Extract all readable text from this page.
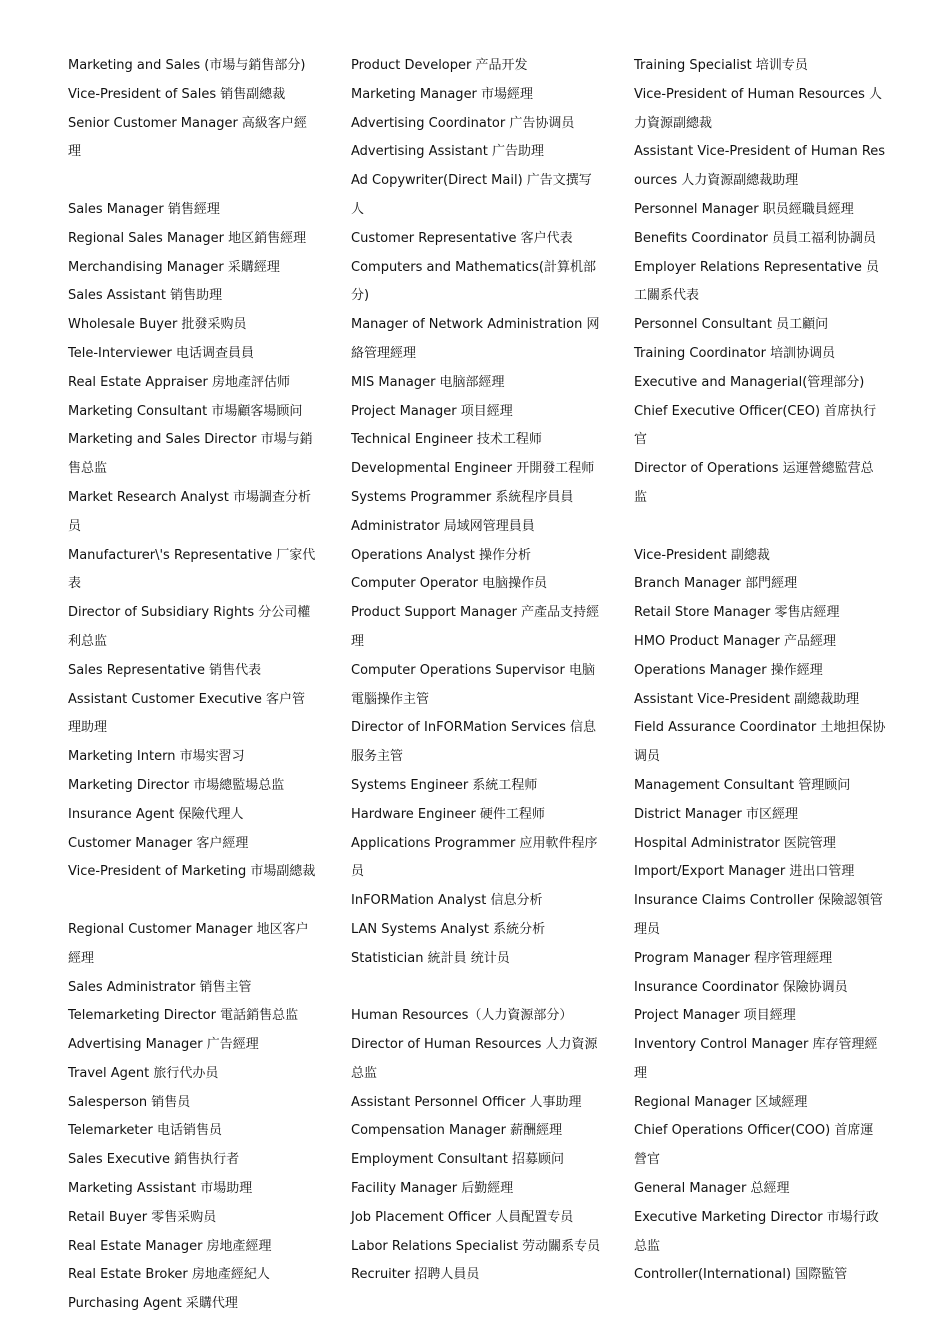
Marketing and Sales (市場与銷售部分)
Vice-President of Sales 销售副總裁
Senior Customer Manager 高級客户經理
Sales Manager 销售經理
Regional Sales Manager 地区銷售經理
Merchandising Manager 采購經理
Sales Assistant 销售助理
Wholesale Buyer 批發采购员
Tele-Interviewer 电话调查員員
Real Estate Appraiser 房地產評估师
Marketing Consultant 市場顧客場顾问
Marketing and Sales Director 市場与銷售总监
Market Research Analyst 市場調查分析员
Manufacturer\'s Representative 厂家代表
Director of Subsidiary Rights 分公司權利总监
Sales Representative 销售代表
Assistant Customer Executive 客户管理助理
Marketing Intern 市場实習习
Marketing Director 市場總監場总监
Insurance Agent 保險代理人
Customer Manager 客户經理
Vice-President of Marketing 市場副總裁
Regional Customer Manager 地区客户經理
Sales Administrator 销售主管
Telemarketing Director 電話銷售总监
Advertising Manager 广告經理
Travel Agent 旅行代办员
Salesperson 销售员
Telemarketer 电话销售员
Sales Executive 銷售执行者
Marketing Assistant 市場助理
Retail Buyer 零售采购员
Real Estate Manager 房地產經理
Real Estate Broker 房地產經紀人
Purchasing Agent 采購代理
Product Developer 产品开发
Marketing Manager 市場經理
Advertising Coordinator 广告协调员
Advertising Assistant 广告助理
Ad Copywriter(Direct Mail) 广告文撰写人
Customer Representative 客户代表
Computers and Mathematics(計算机部分)
Manager of Network Administration 网絡管理經理
MIS Manager 电脑部經理
Project Manager 项目經理
Technical Engineer 技术工程师
Developmental Engineer 开開發工程师
Systems Programmer 系統程序員員
Administrator 局域网管理員員
Operations Analyst 操作分析
Computer Operator 电脑操作员
Product Support Manager 产產品支持經理
Computer Operations Supervisor 电脑電腦操作主管
Director of InFORMation Services 信息服务主管
Systems Engineer 系統工程师
Hardware Engineer 硬件工程师
Applications Programmer 应用軟件程序员
InFORMation Analyst 信息分析
LAN Systems Analyst 系統分析
Statistician 統計員 统计员
Human Resources（人力資源部分）
Director of Human Resources 人力資源总监
Assistant Personnel Officer 人事助理
Compensation Manager 薪酬經理
Employment Consultant 招募顾问
Facility Manager 后勤經理
Job Placement Officer 人員配置专员
Labor Relations Specialist 劳动關系专员
Recruiter 招聘人員员
Training Specialist 培训专员
Vice-President of Human Resources 人力資源副總裁
Assistant Vice-President of Human Resources 人力資源副總裁助理
Personnel Manager 职员經職員經理
Benefits Coordinator 员員工福利协調员
Employer Relations Representative 员工關系代表
Personnel Consultant 员工顧问
Training Coordinator 培訓协调员
Executive and Managerial(管理部分)
Chief Executive Officer(CEO) 首席执行官
Director of Operations 运運營總監营总监
Vice-President 副總裁
Branch Manager 部門經理
Retail Store Manager 零售店經理
HMO Product Manager 产品經理
Operations Manager 操作經理
Assistant Vice-President 副總裁助理
Field Assurance Coordinator 土地担保协调员
Management Consultant 管理顾问
District Manager 市区經理
Hospital Administrator 医院管理
Import/Export Manager 进出口管理
Insurance Claims Controller 保險認領管理员
Program Manager 程序管理經理
Insurance Coordinator 保險协调员
Project Manager 项目經理
Inventory Control Manager 库存管理經理
Regional Manager 区域經理
Chief Operations Officer(COO) 首席運營官
General Manager 总經理
Executive Marketing Director 市場行政总监
Controller(International) 国際監管
